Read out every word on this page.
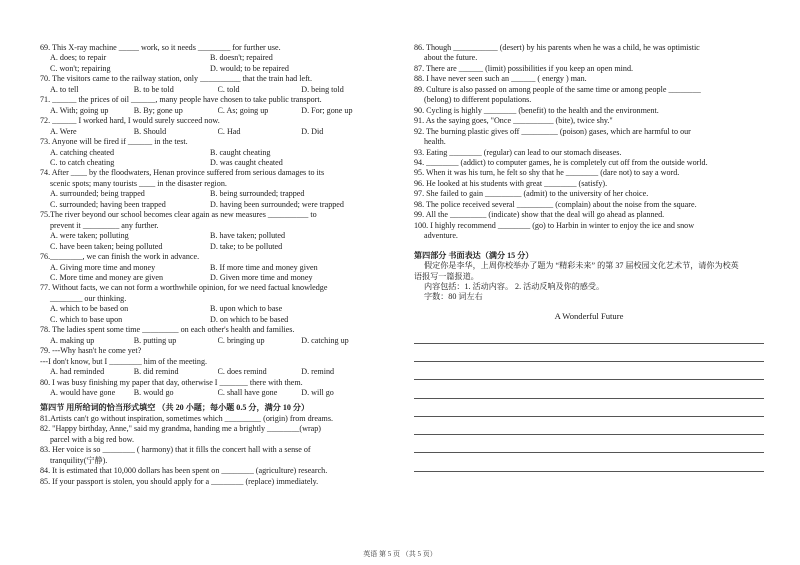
69. This X-ray machine _____ work, so it needs ________ for further use.
A. does; to repair	B. doesn't; repaired
C. won't; repairing	D. would; to be repaired
70. The visitors came to the railway station, only __________ that the train had left.
A. to tell	B. to be told	C. told	D. being told
71. ______ the prices of oil ______, many people have chosen to take public transport.
A. With; going up	B. By; gone up	C. As; going up	D. For; gone up
72. ______ I worked hard, I would surely succeed now.
A. Were	B. Should	C. Had	D. Did
73. Anyone will be fired if ______ in the test.
A. catching cheated	B. caught cheating
C. to catch cheating	D. was caught cheated
74. After ____ by the floodwaters, Henan province suffered from serious damages to its
scenic spots; many tourists ____ in the disaster region.
A. surrounded; being trapped	B. being surrounded; trapped
C. surrounded; having been trapped	D. having been surrounded; were trapped
75.The river beyond our school becomes clear again as new measures __________ to
prevent it _________ any further.
A. were taken; polluting	B. have taken; polluted
C. have been taken; being polluted	D. take; to be polluted
76.________, we can finish the work in advance.
A. Giving more time and money	B. If more time and money given
C. More time and money are given	D. Given more time and money
77. Without facts, we can not form a worthwhile opinion, for we need factual knowledge
________ our thinking.
A. which to be based on	B. upon which to base
C. which to base upon	D. on which to be based
78. The ladies spent some time _________ on each other's health and families.
A. making up	B. putting up	C. bringing up	D. catching up
79. ---Why hasn't he come yet?
---I don't know, but I ________ him of the meeting.
A. had reminded	B. did remind	C. does remind	D. remind
80. I was busy finishing my paper that day, otherwise I _______ there with them.
A. would have gone	B. would go	C. shall have gone	D. will go
第四节 用所给词的恰当形式填空 （共 20 小题；每小题 0.5 分，满分 10 分）
81.Artists can't go without inspiration, sometimes which _________ (origin) from dreams.
82. "Happy birthday, Anne," said my grandma, handing me a brightly ________(wrap)
parcel with a big red bow.
83. Her voice is so ________ ( harmony) that it fills the concert hall with a sense of
tranquility(宁静).
84. It is estimated that 10,000 dollars has been spent on ________ (agriculture) research.
85. If your passport is stolen, you should apply for a ________ (replace) immediately.
86. Though ___________ (desert) by his parents when he was a child, he was optimistic
about the future.
87. There are ______ (limit) possibilities if you keep an open mind.
88. I have never seen such an ______ ( energy ) man.
89. Culture is also passed on among people of the same time or among people ________
(belong) to different populations.
90. Cycling is highly ________ (benefit) to the health and the environment.
91. As the saying goes, "Once __________ (bite), twice shy."
92. The burning plastic gives off _________ (poison) gases, which are harmful to our
health.
93. Eating ________ (regular) can lead to our stomach diseases.
94. ________ (addict) to computer games, he is completely cut off from the outside world.
95. When it was his turn, he felt so shy that he ________ (dare not) to say a word.
96. He looked at his students with great ________ (satisfy).
97. She failed to gain _________ (admit) to the university of her choice.
98. The police received several _________ (complain) about the noise from the square.
99. All the _________ (indicate) show that the deal will go ahead as planned.
100. I highly recommend ________ (go) to Harbin in winter to enjoy the ice and snow
adventure.
第四部分 书面表达（满分 15 分）
假定你是李华，上周你校举办了题为 “精彩未来” 的第 37 届校园文化艺术节，请你为校英
语报写一篇报道。
内容包括：1. 活动内容。 2. 活动反响及你的感受。
字数：80 词左右
A Wonderful Future
英语 第 5 页 （共 5 页）
